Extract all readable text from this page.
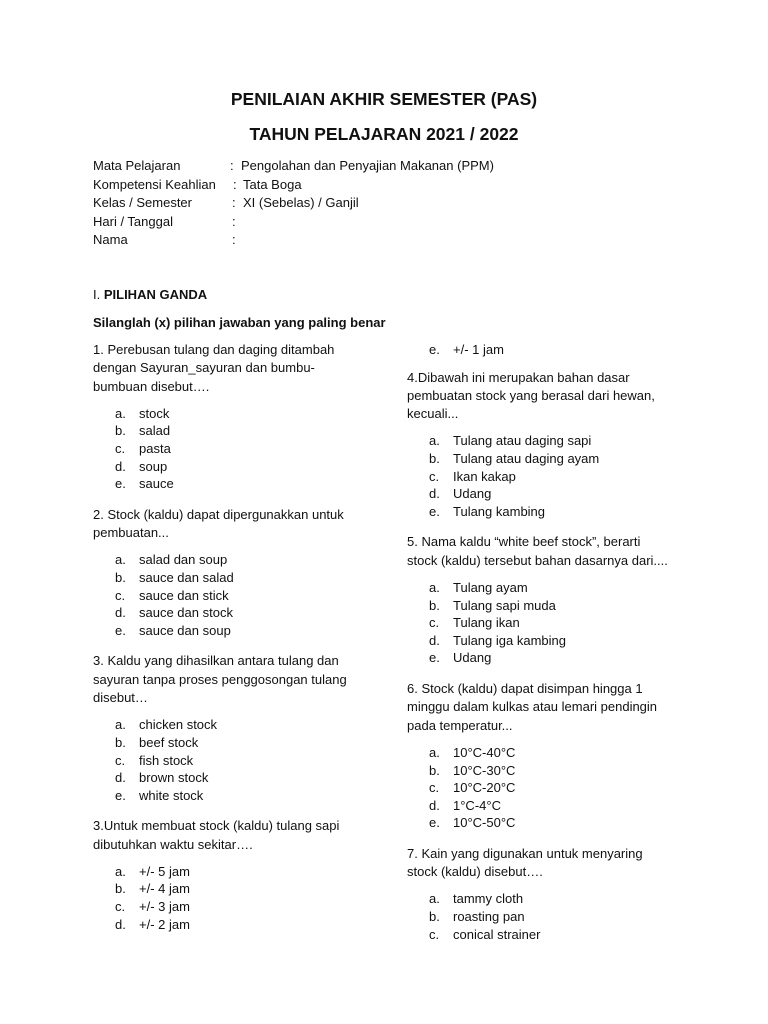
PENILAIAN AKHIR SEMESTER (PAS)
TAHUN PELAJARAN 2021 / 2022
Mata Pelajaran	: Pengolahan dan Penyajian Makanan (PPM)
Kompetensi Keahlian : Tata Boga
Kelas / Semester	: XI (Sebelas) / Ganjil
Hari / Tanggal	:
Nama	:
I. PILIHAN GANDA
Silanglah (x) pilihan jawaban yang paling benar
1. Perebusan tulang dan daging ditambah dengan Sayuran_sayuran dan bumbu-bumbuan disebut….
a. stock
b. salad
c. pasta
d. soup
e. sauce
2. Stock (kaldu) dapat dipergunakkan untuk pembuatan...
a. salad dan soup
b. sauce dan salad
c. sauce dan stick
d. sauce dan stock
e. sauce dan soup
3. Kaldu yang dihasilkan antara tulang dan sayuran tanpa proses penggosongan tulang disebut…
a. chicken stock
b. beef stock
c. fish stock
d. brown stock
e. white stock
3.Untuk membuat stock (kaldu) tulang sapi dibutuhkan waktu sekitar….
a. +/- 5 jam
b. +/- 4 jam
c. +/- 3 jam
d. +/- 2 jam
e. +/- 1 jam
4.Dibawah ini merupakan bahan dasar pembuatan stock yang berasal dari hewan, kecuali...
a. Tulang atau daging sapi
b. Tulang atau daging ayam
c. Ikan kakap
d. Udang
e. Tulang kambing
5. Nama kaldu “white beef stock”, berarti stock (kaldu) tersebut bahan dasarnya dari....
a. Tulang ayam
b. Tulang sapi muda
c. Tulang ikan
d. Tulang iga kambing
e. Udang
6. Stock (kaldu) dapat disimpan hingga 1 minggu dalam kulkas atau lemari pendingin pada temperatur...
a. 10°C-40°C
b. 10°C-30°C
c. 10°C-20°C
d. 1°C-4°C
e. 10°C-50°C
7. Kain yang digunakan untuk menyaring stock (kaldu) disebut….
a. tammy cloth
b. roasting pan
c. conical strainer
